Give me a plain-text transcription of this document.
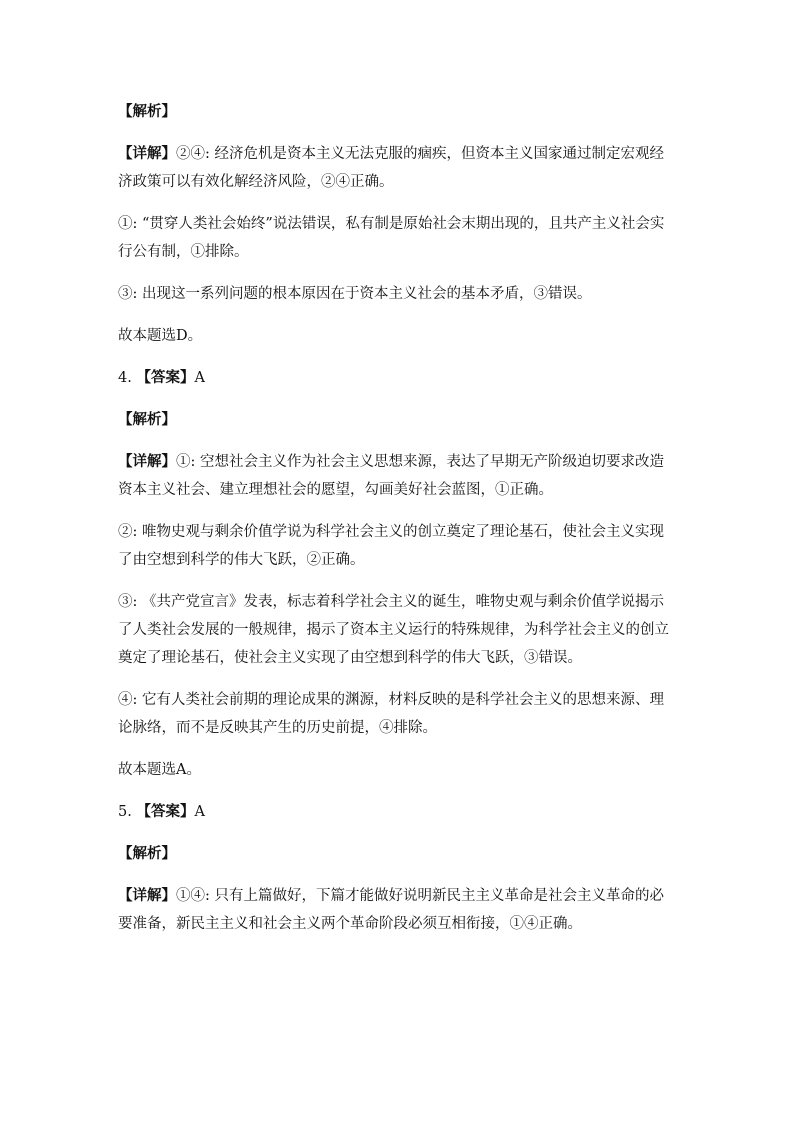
【解析】

【详解】②④: 经济危机是资本主义无法克服的痼疾，但资本主义国家通过制定宏观经济政策可以有效化解经济风险，②④正确。

①: “贯穿人类社会始终”说法错误，私有制是原始社会末期出现的，且共产主义社会实行公有制，①排除。

③: 出现这一系列问题的根本原因在于资本主义社会的基本矛盾，③错误。

故本题选D。

4. 【答案】A

【解析】

【详解】①: 空想社会主义作为社会主义思想来源，表达了早期无产阶级迫切要求改造资本主义社会、建立理想社会的愿望，勾画美好社会蓝图，①正确。

②: 唯物史观与剩余价值学说为科学社会主义的创立奠定了理论基石，使社会主义实现了由空想到科学的伟大飞跃，②正确。

③: 《共产党宣言》发表，标志着科学社会主义的诞生，唯物史观与剩余价值学说揭示了人类社会发展的一般规律，揭示了资本主义运行的特殊规律，为科学社会主义的创立奠定了理论基石，使社会主义实现了由空想到科学的伟大飞跃，③错误。

④: 它有人类社会前期的理论成果的渊源，材料反映的是科学社会主义的思想来源、理论脉络，而不是反映其产生的历史前提，④排除。

故本题选A。

5. 【答案】A

【解析】

【详解】①④: 只有上篇做好，下篇才能做好说明新民主主义革命是社会主义革命的必要准备，新民主主义和社会主义两个革命阶段必须互相衔接，①④正确。
